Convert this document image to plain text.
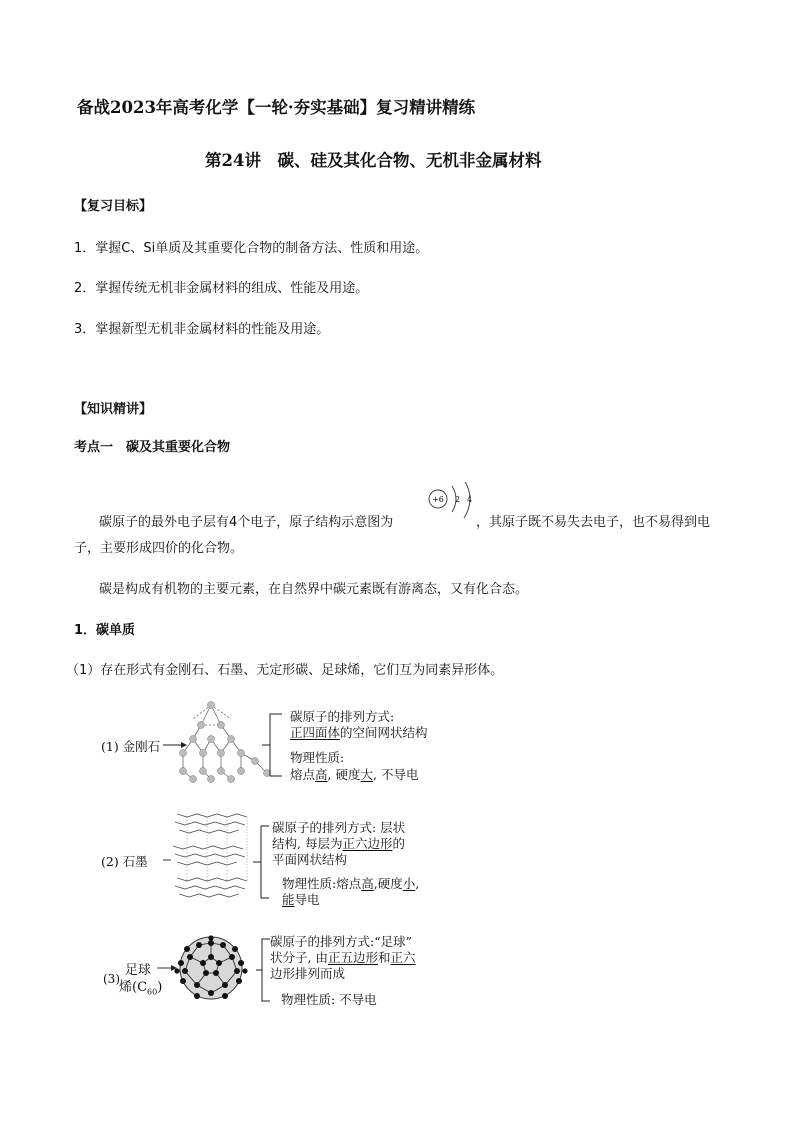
备战2023年高考化学【一轮·夯实基础】复习精讲精练
第24讲　碳、硅及其化合物、无机非金属材料
【复习目标】
1．掌握C、Si单质及其重要化合物的制备方法、性质和用途。
2．掌握传统无机非金属材料的组成、性能及用途。
3．掌握新型无机非金属材料的性能及用途。
【知识精讲】
考点一　碳及其重要化合物
碳原子的最外电子层有4个电子，原子结构示意图为
+6 2 4
，其原子既不易失去电子，也不易得到电
子，主要形成四价的化合物。
碳是构成有机物的主要元素，在自然界中碳元素既有游离态，又有化合态。
1．碳单质
（1）存在形式有金刚石、石墨、无定形碳、足球烯，它们互为同素异形体。
(1) 金刚石
碳原子的排列方式:
正四面体的空间网状结构
物理性质:
熔点高, 硬度大, 不导电
(2) 石墨
碳原子的排列方式: 层状
结构, 每层为正六边形的
平面网状结构
物理性质:熔点高,硬度小,
能导电
(3)
足球
烯$(C_{60})$
碳原子的排列方式:“足球”
状分子, 由正五边形和正六
边形排列而成
物理性质: 不导电
